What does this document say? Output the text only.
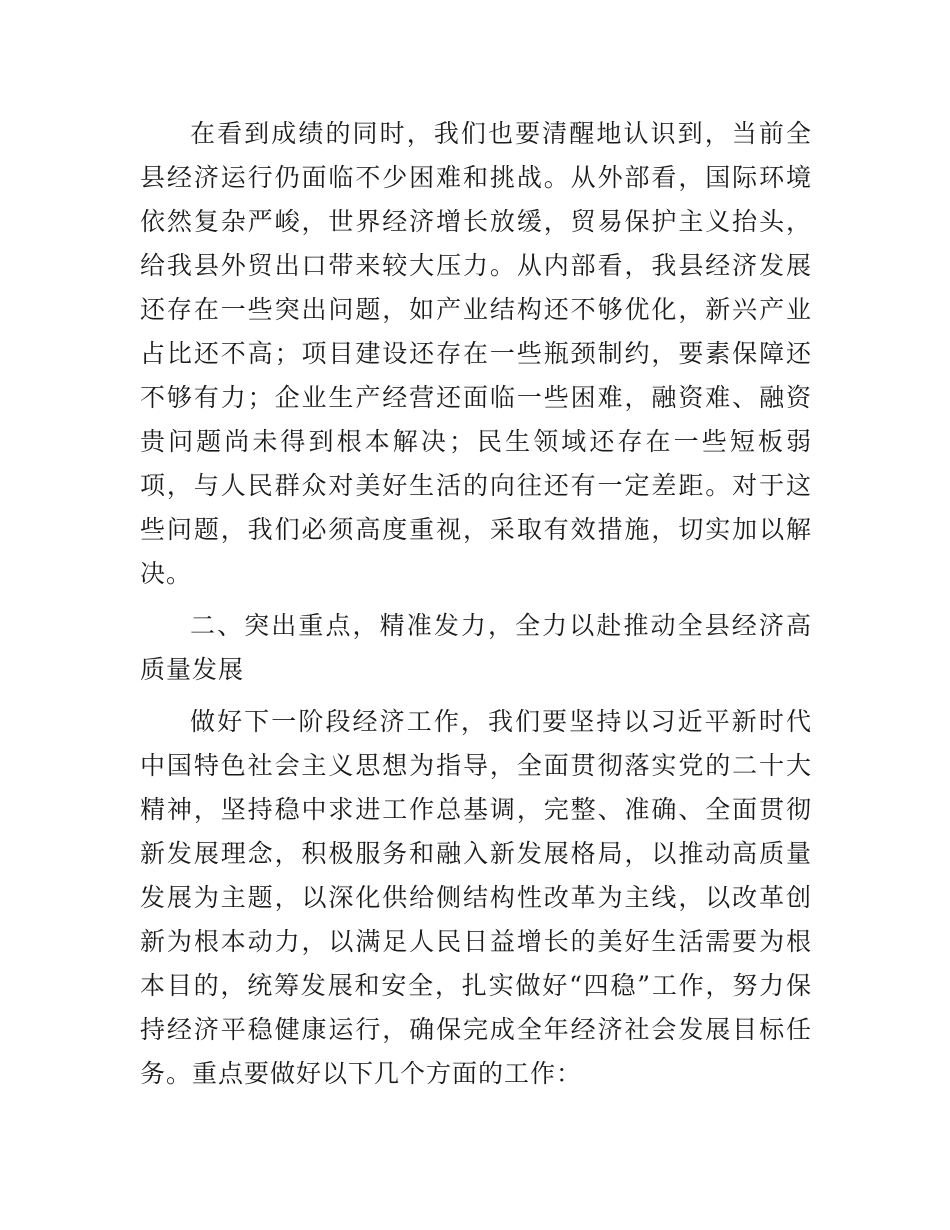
在看到成绩的同时，我们也要清醒地认识到，当前全县经济运行仍面临不少困难和挑战。从外部看，国际环境依然复杂严峻，世界经济增长放缓，贸易保护主义抬头，给我县外贸出口带来较大压力。从内部看，我县经济发展还存在一些突出问题，如产业结构还不够优化，新兴产业占比还不高；项目建设还存在一些瓶颈制约，要素保障还不够有力；企业生产经营还面临一些困难，融资难、融资贵问题尚未得到根本解决；民生领域还存在一些短板弱项，与人民群众对美好生活的向往还有一定差距。对于这些问题，我们必须高度重视，采取有效措施，切实加以解决。

二、突出重点，精准发力，全力以赴推动全县经济高质量发展

做好下一阶段经济工作，我们要坚持以习近平新时代中国特色社会主义思想为指导，全面贯彻落实党的二十大精神，坚持稳中求进工作总基调，完整、准确、全面贯彻新发展理念，积极服务和融入新发展格局，以推动高质量发展为主题，以深化供给侧结构性改革为主线，以改革创新为根本动力，以满足人民日益增长的美好生活需要为根本目的，统筹发展和安全，扎实做好“四稳”工作，努力保持经济平稳健康运行，确保完成全年经济社会发展目标任务。重点要做好以下几个方面的工作：
